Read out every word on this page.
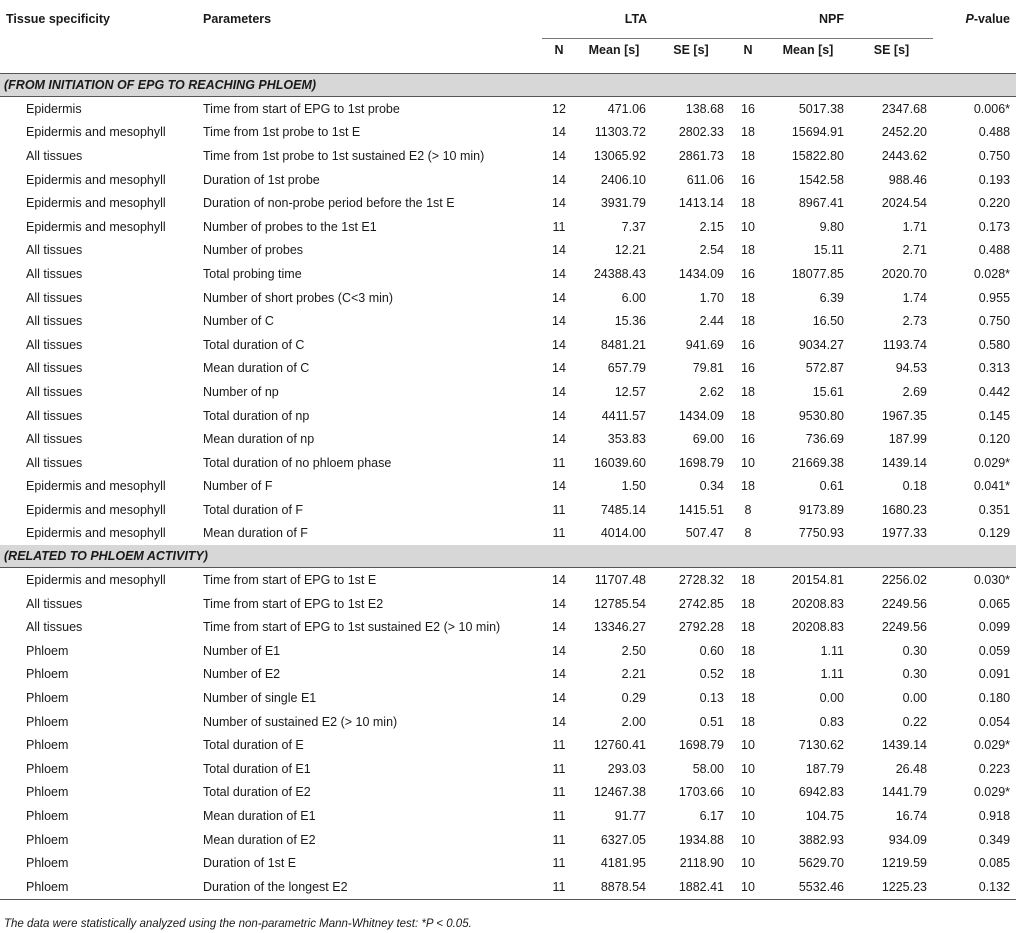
Tissue specificity	Parameters	LTA			NPF			P-value
		N	Mean [s]	SE [s]	N	Mean [s]	SE [s]	
(FROM INITIATION OF EPG TO REACHING PHLOEM)								
Epidermis	Time from start of EPG to 1st probe	12	471.06	138.68	16	5017.38	2347.68	0.006*
Epidermis and mesophyll	Time from 1st probe to 1st E	14	11303.72	2802.33	18	15694.91	2452.20	0.488
All tissues	Time from 1st probe to 1st sustained E2 (> 10 min)	14	13065.92	2861.73	18	15822.80	2443.62	0.750
Epidermis and mesophyll	Duration of 1st probe	14	2406.10	611.06	16	1542.58	988.46	0.193
Epidermis and mesophyll	Duration of non-probe period before the 1st E	14	3931.79	1413.14	18	8967.41	2024.54	0.220
Epidermis and mesophyll	Number of probes to the 1st E1	11	7.37	2.15	10	9.80	1.71	0.173
All tissues	Number of probes	14	12.21	2.54	18	15.11	2.71	0.488
All tissues	Total probing time	14	24388.43	1434.09	16	18077.85	2020.70	0.028*
All tissues	Number of short probes (C<3 min)	14	6.00	1.70	18	6.39	1.74	0.955
All tissues	Number of C	14	15.36	2.44	18	16.50	2.73	0.750
All tissues	Total duration of C	14	8481.21	941.69	16	9034.27	1193.74	0.580
All tissues	Mean duration of C	14	657.79	79.81	16	572.87	94.53	0.313
All tissues	Number of np	14	12.57	2.62	18	15.61	2.69	0.442
All tissues	Total duration of np	14	4411.57	1434.09	18	9530.80	1967.35	0.145
All tissues	Mean duration of np	14	353.83	69.00	16	736.69	187.99	0.120
All tissues	Total duration of no phloem phase	11	16039.60	1698.79	10	21669.38	1439.14	0.029*
Epidermis and mesophyll	Number of F	14	1.50	0.34	18	0.61	0.18	0.041*
Epidermis and mesophyll	Total duration of F	11	7485.14	1415.51	8	9173.89	1680.23	0.351
Epidermis and mesophyll	Mean duration of F	11	4014.00	507.47	8	7750.93	1977.33	0.129
(RELATED TO PHLOEM ACTIVITY)								
Epidermis and mesophyll	Time from start of EPG to 1st E	14	11707.48	2728.32	18	20154.81	2256.02	0.030*
All tissues	Time from start of EPG to 1st E2	14	12785.54	2742.85	18	20208.83	2249.56	0.065
All tissues	Time from start of EPG to 1st sustained E2 (> 10 min)	14	13346.27	2792.28	18	20208.83	2249.56	0.099
Phloem	Number of E1	14	2.50	0.60	18	1.11	0.30	0.059
Phloem	Number of E2	14	2.21	0.52	18	1.11	0.30	0.091
Phloem	Number of single E1	14	0.29	0.13	18	0.00	0.00	0.180
Phloem	Number of sustained E2 (> 10 min)	14	2.00	0.51	18	0.83	0.22	0.054
Phloem	Total duration of E	11	12760.41	1698.79	10	7130.62	1439.14	0.029*
Phloem	Total duration of E1	11	293.03	58.00	10	187.79	26.48	0.223
Phloem	Total duration of E2	11	12467.38	1703.66	10	6942.83	1441.79	0.029*
Phloem	Mean duration of E1	11	91.77	6.17	10	104.75	16.74	0.918
Phloem	Mean duration of E2	11	6327.05	1934.88	10	3882.93	934.09	0.349
Phloem	Duration of 1st E	11	4181.95	2118.90	10	5629.70	1219.59	0.085
Phloem	Duration of the longest E2	11	8878.54	1882.41	10	5532.46	1225.23	0.132
The data were statistically analyzed using the non-parametric Mann-Whitney test: *P < 0.05.
